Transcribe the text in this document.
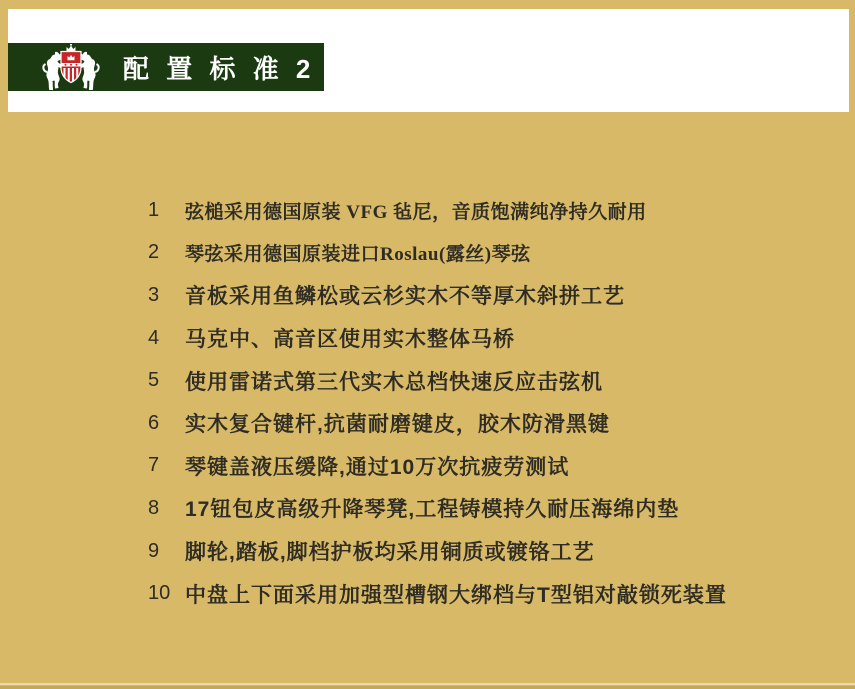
配 置 标 准 2
1	弦槌采用德国原装 VFG 毡尼，音质饱满纯净持久耐用
2	琴弦采用德国原装进口Roslau(露丝)琴弦
3	音板采用鱼鳞松或云杉实木不等厚木斜拼工艺
4	马克中、高音区使用实木整体马桥
5	使用雷诺式第三代实木总档快速反应击弦机
6	实木复合键杆,抗菌耐磨键皮，胶木防滑黑键
7	琴键盖液压缓降,通过10万次抗疲劳测试
8	17钮包皮高级升降琴凳,工程铸模持久耐压海绵内垫
9	脚轮,踏板,脚档护板均采用铜质或镀铬工艺
10 中盘上下面采用加强型槽钢大绑档与T型铝对敲锁死装置
